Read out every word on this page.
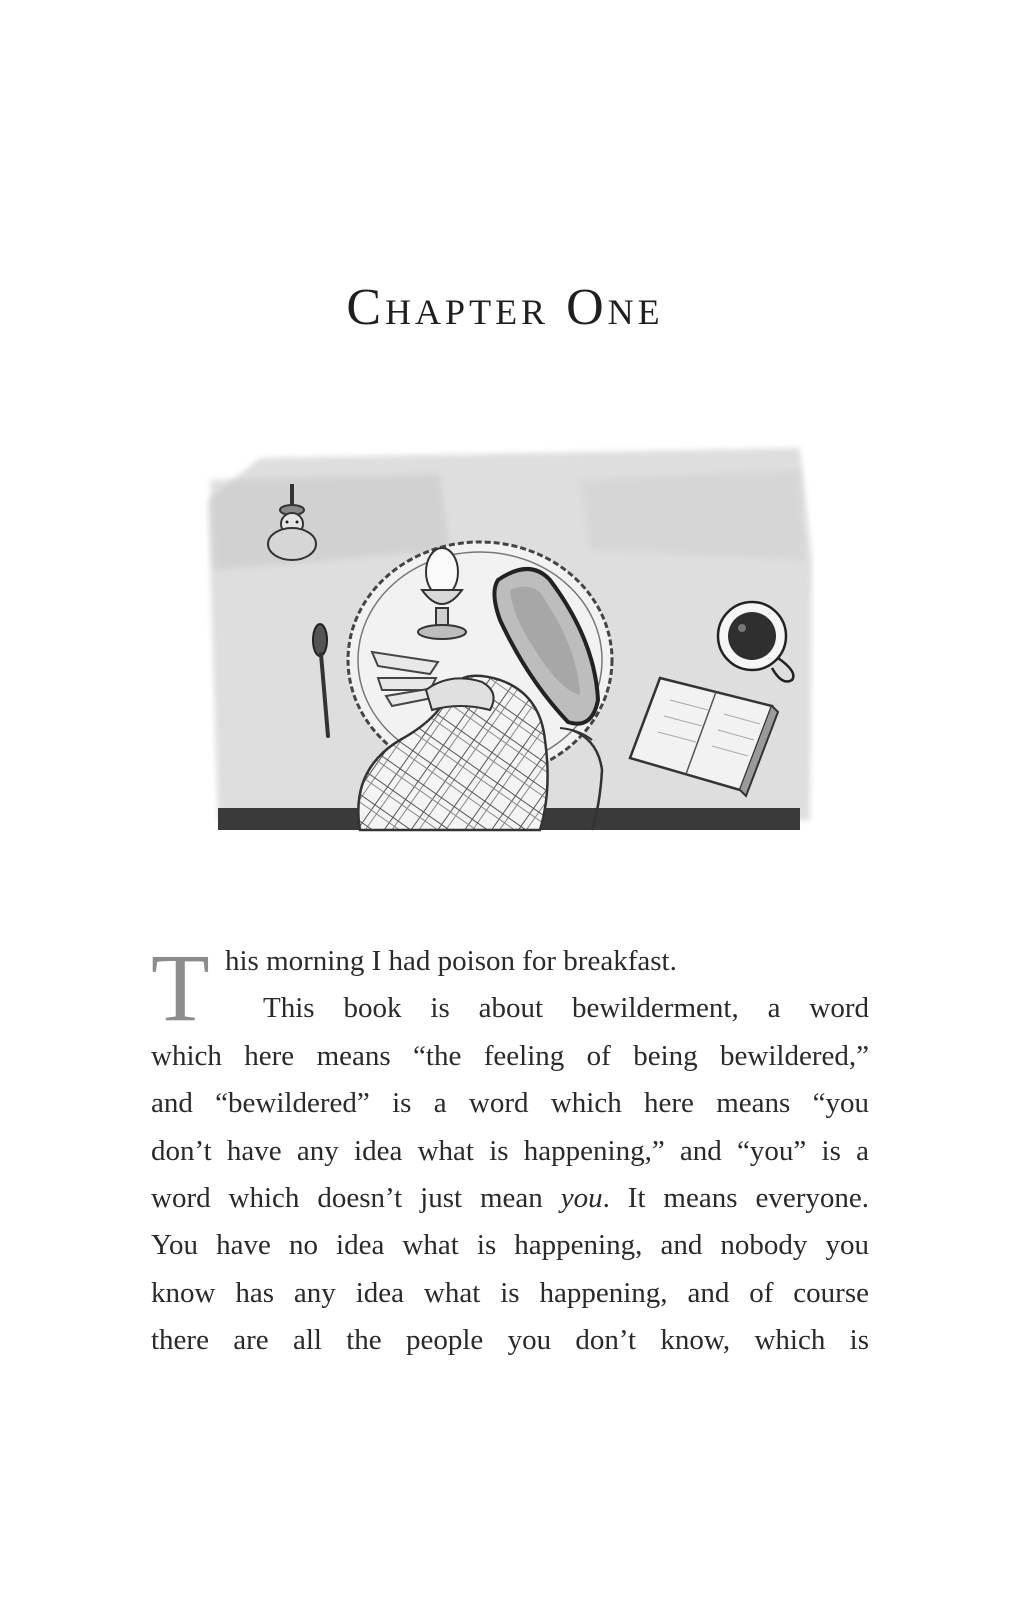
Chapter One

T his morning I had poison for breakfast.

This book is about bewilderment, a word

which here means “the feeling of being bewildered,”

and “bewildered” is a word which here means “you

don’t have any idea what is happening,” and “you” is a

word which doesn’t just mean you. It means everyone.

You have no idea what is happening, and nobody you

know has any idea what is happening, and of course

there are all the people you don’t know, which is
